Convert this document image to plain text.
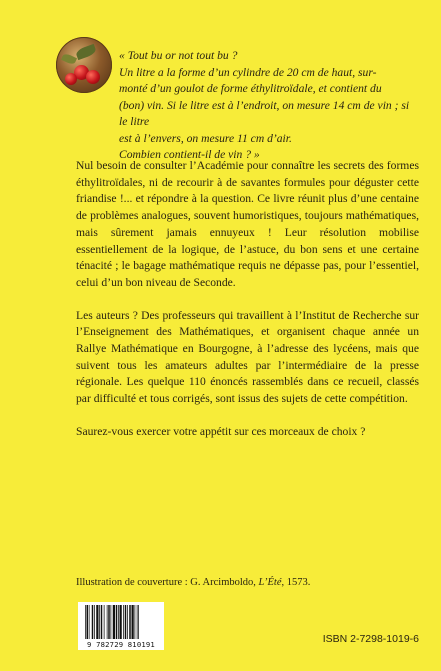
« Tout bu or not tout bu ?

Un litre a la forme d’un cylindre de 20 cm de haut, sur-

monté d’un goulot de forme éthylitroïdale, et contient du

(bon) vin. Si le litre est à l’endroit, on mesure 14 cm de vin ; si le litre

est à l’envers, on mesure 11 cm d’air.

Combien contient-il de vin ? »

Nul besoin de consulter l’Académie pour connaître les secrets des formes éthylitroïdales, ni de recourir à de savantes formules pour déguster cette friandise !... et répondre à la question. Ce livre réunit plus d’une centaine de problèmes analogues, souvent humoristiques, toujours mathématiques, mais sûrement jamais ennuyeux ! Leur résolution mobilise essentiellement de la logique, de l’astuce, du bon sens et une certaine ténacité ; le bagage mathématique requis ne dépasse pas, pour l’essentiel, celui d’un bon niveau de Seconde.

Les auteurs ? Des professeurs qui travaillent à l’Institut de Recherche sur l’Enseignement des Mathématiques, et organisent chaque année un Rallye Mathématique en Bourgogne, à l’adresse des lycéens, mais que suivent tous les amateurs adultes par l’intermédiaire de la presse régionale. Les quelque 110 énoncés rassemblés dans ce recueil, classés par difficulté et tous corrigés, sont issus des sujets de cette compétition.

Saurez-vous exercer votre appétit sur ces morceaux de choix ?

Illustration de couverture : G. Arcimboldo, L’Été, 1573.
9 782729 810191	ISBN 2-7298-1019-6
